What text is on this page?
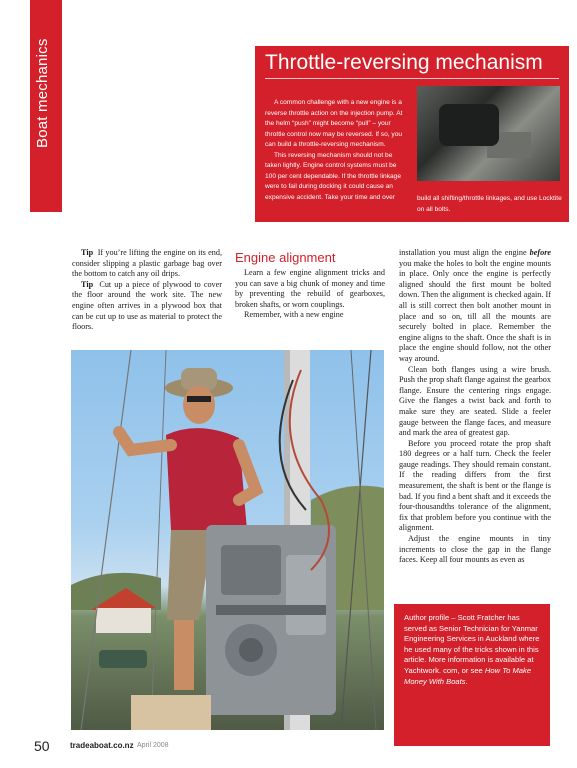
Boat mechanics	Throttle-reversing mechanism

A common challenge with a new engine is a reverse throttle action on the injection pump. At the helm “push” might become “pull” – your throttle control now may be reversed. If so, you can build a throttle-reversing mechanism.

This reversing mechanism should not be taken lightly. Engine control systems must be 100 per cent dependable. If the throttle linkage were to fail during docking it could cause an expensive accident. Take your time and over	build all shifting/throttle linkages, and use Locktite on all bolts.

Tip If you’re lifting the engine on its end, consider slipping a plastic garbage bag over the bottom to catch any oil drips.

Tip Cut up a piece of plywood to cover the floor around the work site. The new engine often arrives in a plywood box that can be cut up to use as material to protect the floors.

Engine alignment

Learn a few engine alignment tricks and you can save a big chunk of money and time by preventing the rebuild of gearboxes, broken shafts, or worn couplings.

Remember, with a new engine

installation you must align the engine before you make the holes to bolt the engine mounts in place. Only once the engine is perfectly aligned should the first mount be bolted down. Then the alignment is checked again. If all is still correct then bolt another mount in place and so on, till all the mounts are securely bolted in place. Remember the engine aligns to the shaft. Once the shaft is in place the engine should follow, not the other way around.

Clean both flanges using a wire brush. Push the prop shaft flange against the gearbox flange. Ensure the centering rings engage. Give the flanges a twist back and forth to make sure they are seated. Slide a feeler gauge between the flange faces, and measure and mark the area of greatest gap.

Before you proceed rotate the prop shaft 180 degrees or a half turn. Check the feeler gauge readings. They should remain constant. If the reading differs from the first measurement, the shaft is bent or the flange is bad. If you find a bent shaft and it exceeds the four-thousandths tolerance of the alignment, fix that problem before you continue with the alignment.

Adjust the engine mounts in tiny increments to close the gap in the flange faces. Keep all four mounts as even as

Author profile – Scott Fratcher has served as Senior Technician for Yanmar Engineering Services in Auckland where he used many of the tricks shown in this article. More information is available at Yachtwork. com, or see How To Make Money With Boats.
50	tradeaboat.co.nz April 2008
